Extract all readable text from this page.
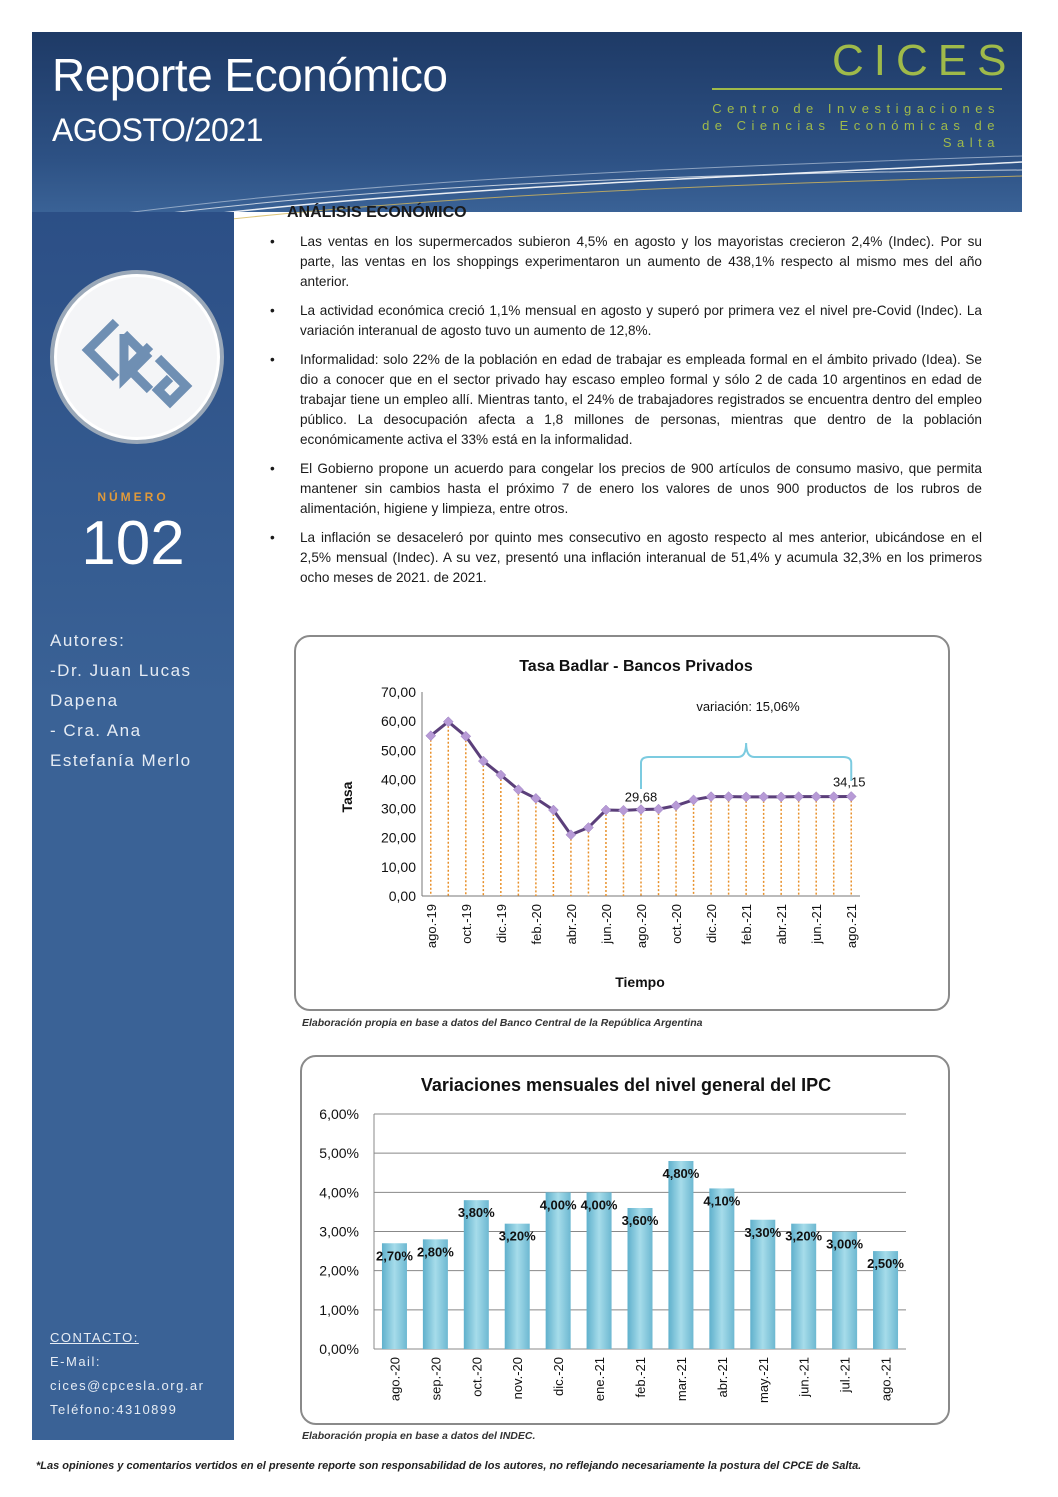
Reporte Económico
AGOSTO/2021
CICES
Centro de Investigaciones de Ciencias Económicas de Salta
NÚMERO
102
Autores:
-Dr. Juan Lucas
Dapena
- Cra. Ana
Estefanía Merlo
CONTACTO:
E-Mail:
cices@cpcesla.org.ar
Teléfono:4310899
ANÁLISIS ECONÓMICO
• Las ventas en los supermercados subieron 4,5% en agosto y los mayoristas crecieron 2,4% (Indec). Por su parte, las ventas en los shoppings experimentaron un aumento de 438,1% respecto al mismo mes del año anterior.
• La actividad económica creció 1,1% mensual en agosto y superó por primera vez el nivel pre-Covid (Indec). La variación interanual de agosto tuvo un aumento de 12,8%.
• Informalidad: solo 22% de la población en edad de trabajar es empleada formal en el ámbito privado (Idea). Se dio a conocer que en el sector privado hay escaso empleo formal y sólo 2 de cada 10 argentinos en edad de trabajar tiene un empleo allí. Mientras tanto, el 24% de trabajadores registrados se encuentra dentro del empleo público. La desocupación afecta a 1,8 millones de personas, mientras que dentro de la población económicamente activa el 33% está en la informalidad.
• El Gobierno propone un acuerdo para congelar los precios de 900 artículos de consumo masivo, que permita mantener sin cambios hasta el próximo 7 de enero los valores de unos 900 productos de los rubros de alimentación, higiene y limpieza, entre otros.
• La inflación se desaceleró por quinto mes consecutivo en agosto respecto al mes anterior, ubicándose en el 2,5% mensual (Indec). A su vez, presentó una inflación interanual de 51,4% y acumula 32,3% en los primeros ocho meses de 2021. de 2021.
Tasa Badlar - Bancos Privados
Tiempo
Tasa
0,00
10,00
20,00
30,00
40,00
50,00
60,00
70,00
ago.-19 oct.-19 dic.-19 feb.-20 abr.-20 jun.-20 ago.-20 oct.-20 dic.-20 feb.-21 abr.-21 jun.-21 ago.-21
variación: 15,06%
29,68
34,15
Elaboración propia en base a datos del Banco Central de la República Argentina
Variaciones mensuales del nivel general del IPC
0,00%
1,00%
2,00%
3,00%
4,00%
5,00%
6,00%
2,70% 2,80%
3,80%
3,20%
4,00% 4,00%
3,60%
4,80%
4,10%
3,30% 3,20%
3,00%
2,50%
ago.-20 sep.-20 oct.-20 nov.-20 dic.-20 ene.-21 feb.-21 mar.-21 abr.-21 may.-21 jun.-21 jul.-21 ago.-21
Elaboración propia en base a datos del INDEC.
*Las opiniones y comentarios vertidos en el presente reporte son responsabilidad de los autores, no reflejando necesariamente la postura del CPCE de Salta.
